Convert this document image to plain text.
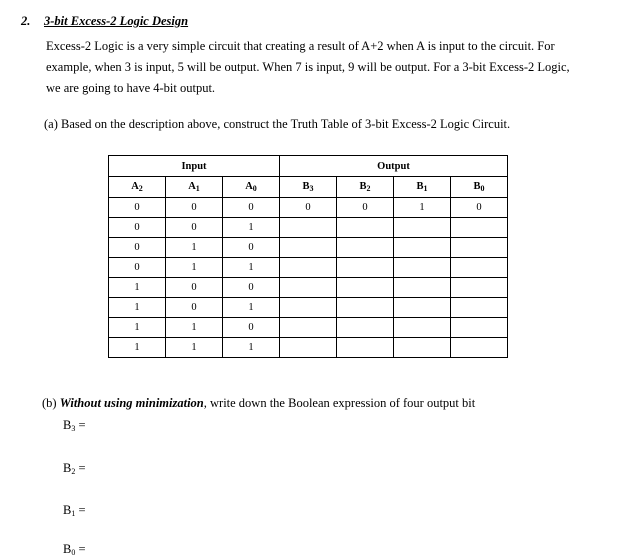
2. 3-bit Excess-2 Logic Design
Excess-2 Logic is a very simple circuit that creating a result of A+2 when A is input to the circuit. For
example, when 3 is input, 5 will be output. When 7 is input, 9 will be output. For a 3-bit Excess-2 Logic,
we are going to have 4-bit output.
(a) Based on the description above, construct the Truth Table of 3-bit Excess-2 Logic Circuit.
Input			Output			
$A_2$	$A_1$	$A_0$	$B_3$	$B_2$	$B_1$	$B_0$
0	0	0	0	0	1	0
0	0	1				
0	1	0				
0	1	1				
1	0	0				
1	0	1				
1	1	0				
1	1	1				
(b) Without using minimization, write down the Boolean expression of four output bit
$B_3$ =
$B_2$ =
$B_1$ =
$B_0$ =
